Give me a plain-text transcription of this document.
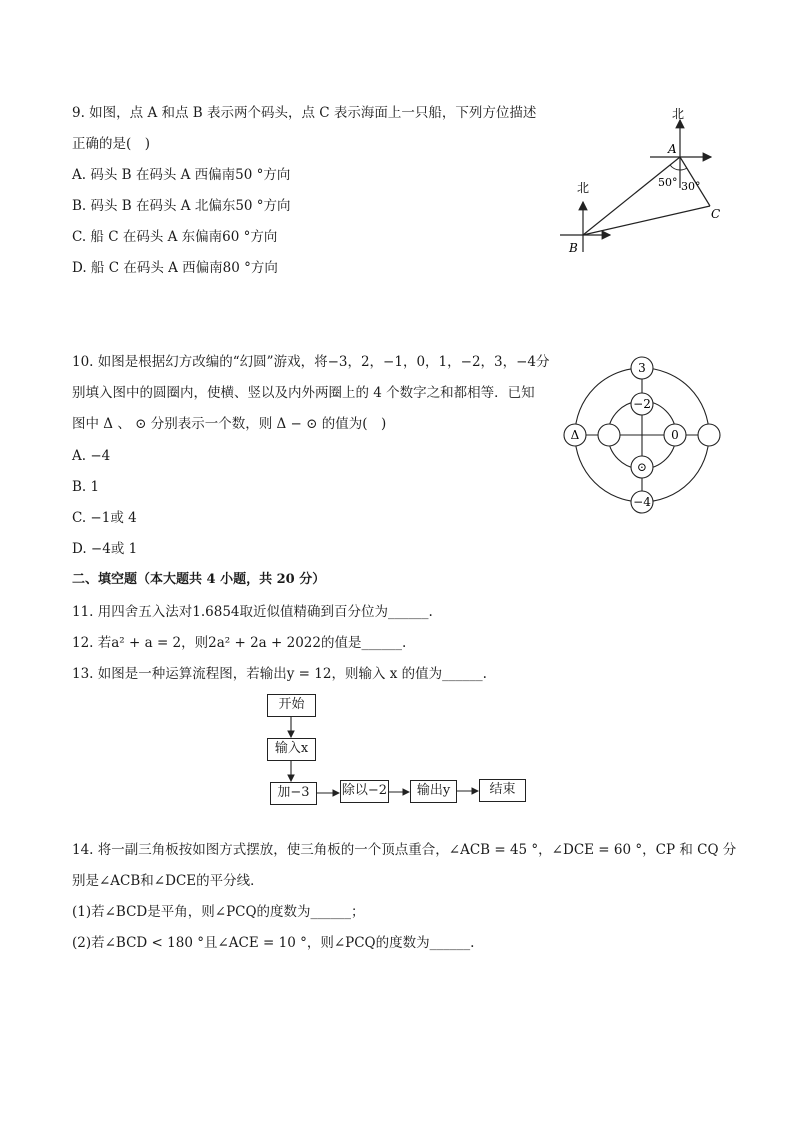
9. 如图，点 A 和点 B 表示两个码头，点 C 表示海面上一只船，下列方位描述
正确的是(　)
A. 码头 B 在码头 A 西偏南50 °方向
B. 码头 B 在码头 A 北偏东50 °方向
C. 船 C 在码头 A 东偏南60 °方向
D. 船 C 在码头 A 西偏南80 °方向
北
北
A
B
C
50° 30°
10. 如图是根据幻方改编的“幻圆”游戏，将−3，2，−1，0，1，−2，3，−4分
别填入图中的圆圈内，使横、竖以及内外两圈上的 4 个数字之和都相等．已知
图中 Δ 、 ⊙ 分别表示一个数，则 Δ − ⊙ 的值为(　)
A. −4
B. 1
C. −1或 4
D. −4或 1
3
−2
⊙
−4
Δ	0
二、填空题（本大题共 4 小题，共 20 分）
11. 用四舍五入法对1.6854取近似值精确到百分位为______.
12. 若a² + a = 2，则2a² + 2a + 2022的值是______.
13. 如图是一种运算流程图，若输出y = 12，则输入 x 的值为______.
开始
输入x
加−3	除以−2	输出y	结束
14. 将一副三角板按如图方式摆放，使三角板的一个顶点重合，∠ACB = 45 °，∠DCE = 60 °，CP 和 CQ 分
别是∠ACB和∠DCE的平分线．
(1)若∠BCD是平角，则∠PCQ的度数为______；
(2)若∠BCD < 180 °且∠ACE = 10 °，则∠PCQ的度数为______.
